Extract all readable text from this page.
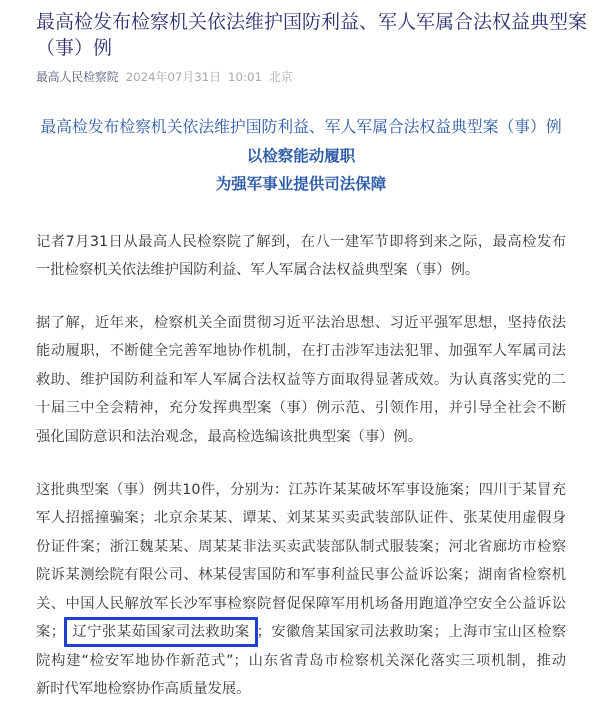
最高检发布检察机关依法维护国防利益、军人军属合法权益典型案（事）例
最高人民检察院 2024年07月31日 10:01 北京
最高检发布检察机关依法维护国防利益、军人军属合法权益典型案（事）例
以检察能动履职
为强军事业提供司法保障
记者7月31日从最高人民检察院了解到，在八一建军节即将到来之际，最高检发布
一批检察机关依法维护国防利益、军人军属合法权益典型案（事）例。
据了解，近年来，检察机关全面贯彻习近平法治思想、习近平强军思想，坚持依法
能动履职，不断健全完善军地协作机制，在打击涉军违法犯罪、加强军人军属司法
救助、维护国防利益和军人军属合法权益等方面取得显著成效。为认真落实党的二
十届三中全会精神，充分发挥典型案（事）例示范、引领作用，并引导全社会不断
强化国防意识和法治观念，最高检选编该批典型案（事）例。
这批典型案（事）例共10件，分别为：江苏许某某破坏军事设施案；四川于某冒充
军人招摇撞骗案；北京余某某、谭某、刘某某买卖武装部队证件、张某使用虚假身
份证件案；浙江魏某某、周某某非法买卖武装部队制式服装案；河北省廊坊市检察
院诉某测绘院有限公司、林某侵害国防和军事利益民事公益诉讼案；湖南省检察机
关、中国人民解放军长沙军事检察院督促保障军用机场备用跑道净空安全公益诉讼
案； 辽宁张某茹国家司法救助案 ；安徽詹某国家司法救助案；上海市宝山区检察
院构建“检安军地协作新范式”；山东省青岛市检察机关深化落实三项机制，推动
新时代军地检察协作高质量发展。
